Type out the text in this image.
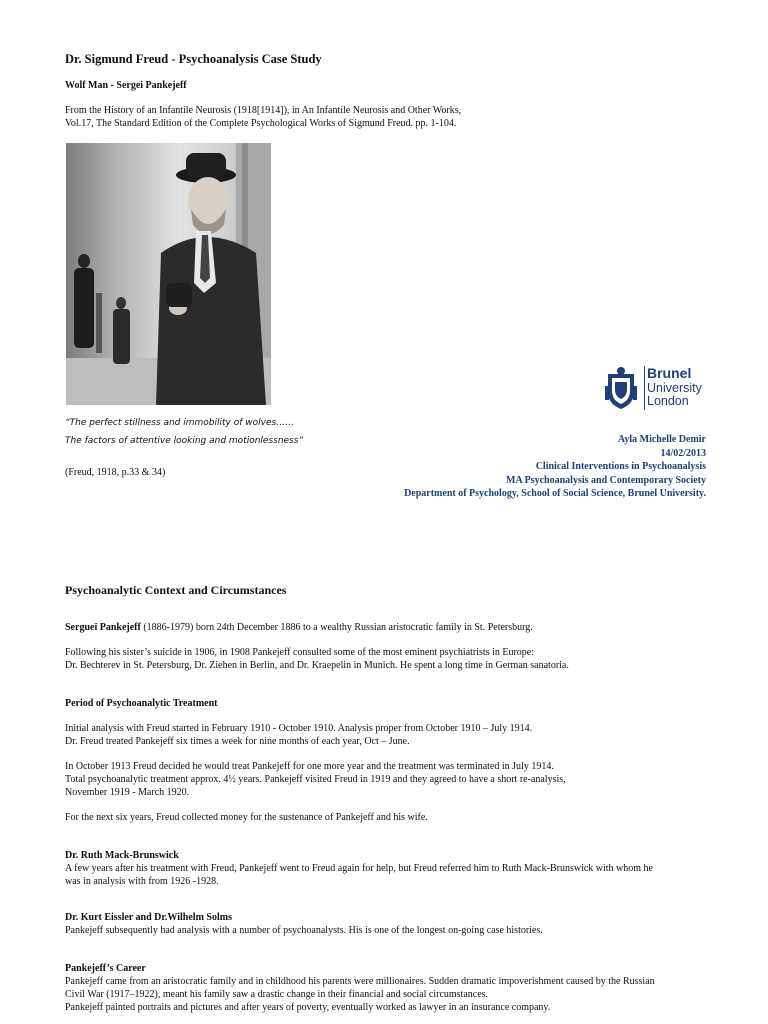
Dr. Sigmund Freud - Psychoanalysis Case Study
Wolf Man - Sergei Pankejeff
From the History of an Infantile Neurosis (1918[1914]), in An Infantile Neurosis and Other Works,
Vol.17, The Standard Edition of the Complete Psychological Works of Sigmund Freud. pp. 1-104.
“The perfect stillness and immobility of wolves……
The factors of attentive looking and motionlessness”
(Freud, 1918, p.33 & 34)
Brunel
University
London
Ayla Michelle Demir
14/02/2013
Clinical Interventions in Psychoanalysis
MA Psychoanalysis and Contemporary Society
Department of Psychology, School of Social Science, Brunel University.
Psychoanalytic Context and Circumstances
Sergueï Pankejeff (1886-1979) born 24th December 1886 to a wealthy Russian aristocratic family in St. Petersburg.
Following his sister’s suicide in 1906, in 1908 Pankejeff consulted some of the most eminent psychiatrists in Europe:
Dr. Bechterev in St. Petersburg, Dr. Ziehen in Berlin, and Dr. Kraepelin in Munich. He spent a long time in German sanatoria.
Period of Psychoanalytic Treatment
Initial analysis with Freud started in February 1910 - October 1910. Analysis proper from October 1910 – July 1914.
Dr. Freud treated Pankejeff six times a week for nine months of each year, Oct – June.
In October 1913 Freud decided he would treat Pankejeff for one more year and the treatment was terminated in July 1914.
Total psychoanalytic treatment approx. 4½ years. Pankejeff visited Freud in 1919 and they agreed to have a short re-analysis,
November 1919 - March 1920.
For the next six years, Freud collected money for the sustenance of Pankejeff and his wife.
Dr. Ruth Mack-Brunswick
A few years after his treatment with Freud, Pankejeff went to Freud again for help, but Freud referred him to Ruth Mack-Brunswick with whom he
was in analysis with from 1926 -1928.
Dr. Kurt Eissler and Dr.Wilhelm Solms
Pankejeff subsequently had analysis with a number of psychoanalysts. His is one of the longest on-going case histories.
Pankejeff’s Career
Pankejeff came from an aristocratic family and in childhood his parents were millionaires. Sudden dramatic impoverishment caused by the Russian
Civil War (1917–1922), meant his family saw a drastic change in their financial and social circumstances.
Pankejeff painted portraits and pictures and after years of poverty, eventually worked as lawyer in an insurance company.
